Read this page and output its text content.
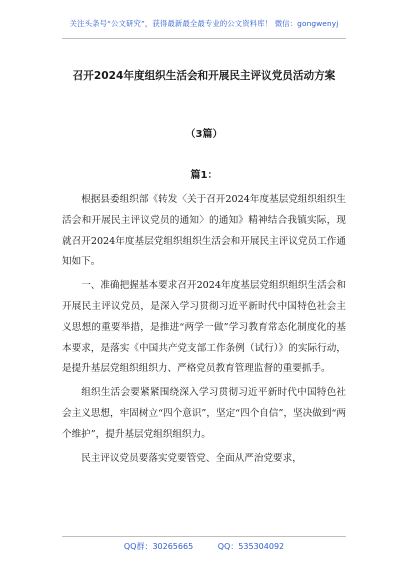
关注头条号“公文研究”，获得最新最全最专业的公文资料库！ 微信：gongwenyj
召开2024年度组织生活会和开展民主评议党员活动方案
（3篇）
篇1：

根据县委组织部《转发〈关于召开2024年度基层党组织组织生活会和开展民主评议党员的通知〉的通知》精神结合我镇实际，现就召开2024年度基层党组织组织生活会和开展民主评议党员工作通知如下。

一、准确把握基本要求召开2024年度基层党组织组织生活会和开展民主评议党员，是深入学习贯彻习近平新时代中国特色社会主义思想的重要举措，是推进“两学一做”学习教育常态化制度化的基本要求，是落实《中国共产党支部工作条例（试行）》的实际行动，是提升基层党组织组织力、严格党员教育管理监督的重要抓手。

组织生活会要紧紧围绕深入学习贯彻习近平新时代中国特色社会主义思想，牢固树立“四个意识”，坚定“四个自信”，坚决做到“两个维护”，提升基层党组织组织力。

民主评议党员要落实党要管党、全面从严治党要求，

QQ群：30265665	QQ：535304092
